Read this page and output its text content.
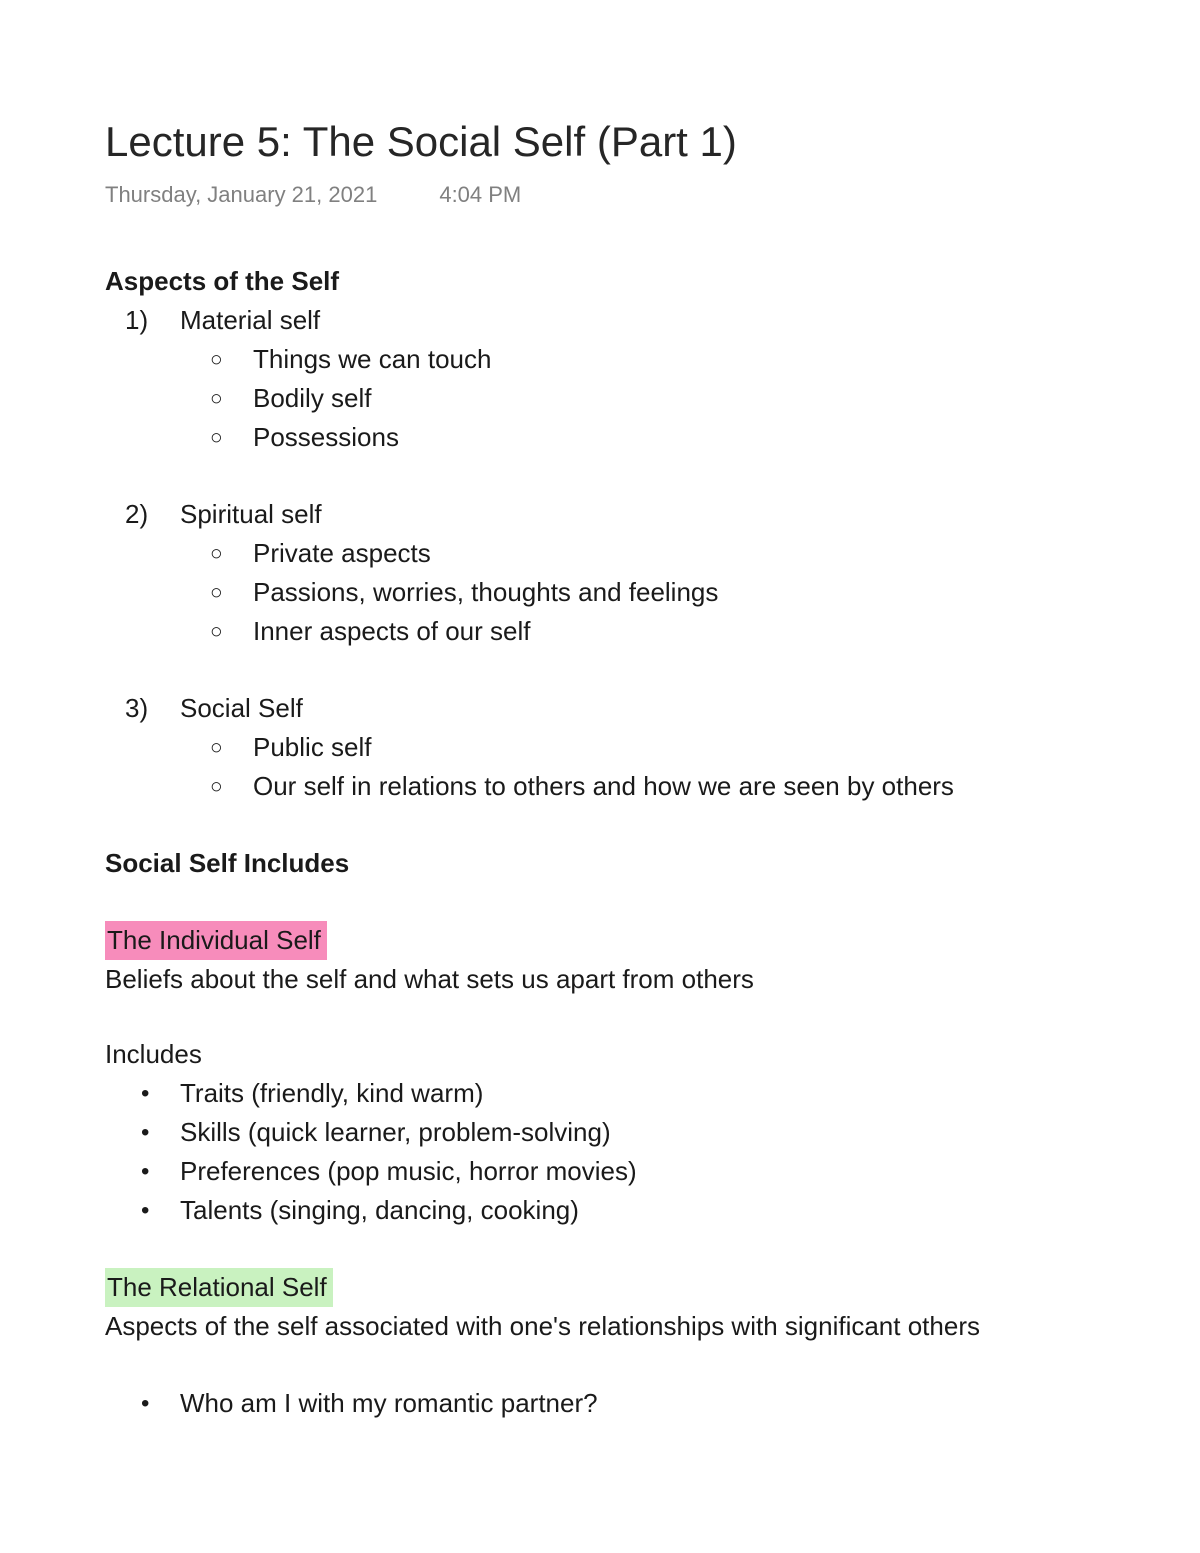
Lecture 5: The Social Self (Part 1)
Thursday, January 21, 2021	4:04 PM
Aspects of the Self
1)	Material self
○	Things we can touch
○	Bodily self
○	Possessions
2)	Spiritual self
○	Private aspects
○	Passions, worries, thoughts and feelings
○	Inner aspects of our self
3)	Social Self
○	Public self
○	Our self in relations to others and how we are seen by others
Social Self Includes
The Individual Self
Beliefs about the self and what sets us apart from others
Includes
•	Traits (friendly, kind warm)
•	Skills (quick learner, problem-solving)
•	Preferences (pop music, horror movies)
•	Talents (singing, dancing, cooking)
The Relational Self
Aspects of the self associated with one's relationships with significant others
•	Who am I with my romantic partner?
